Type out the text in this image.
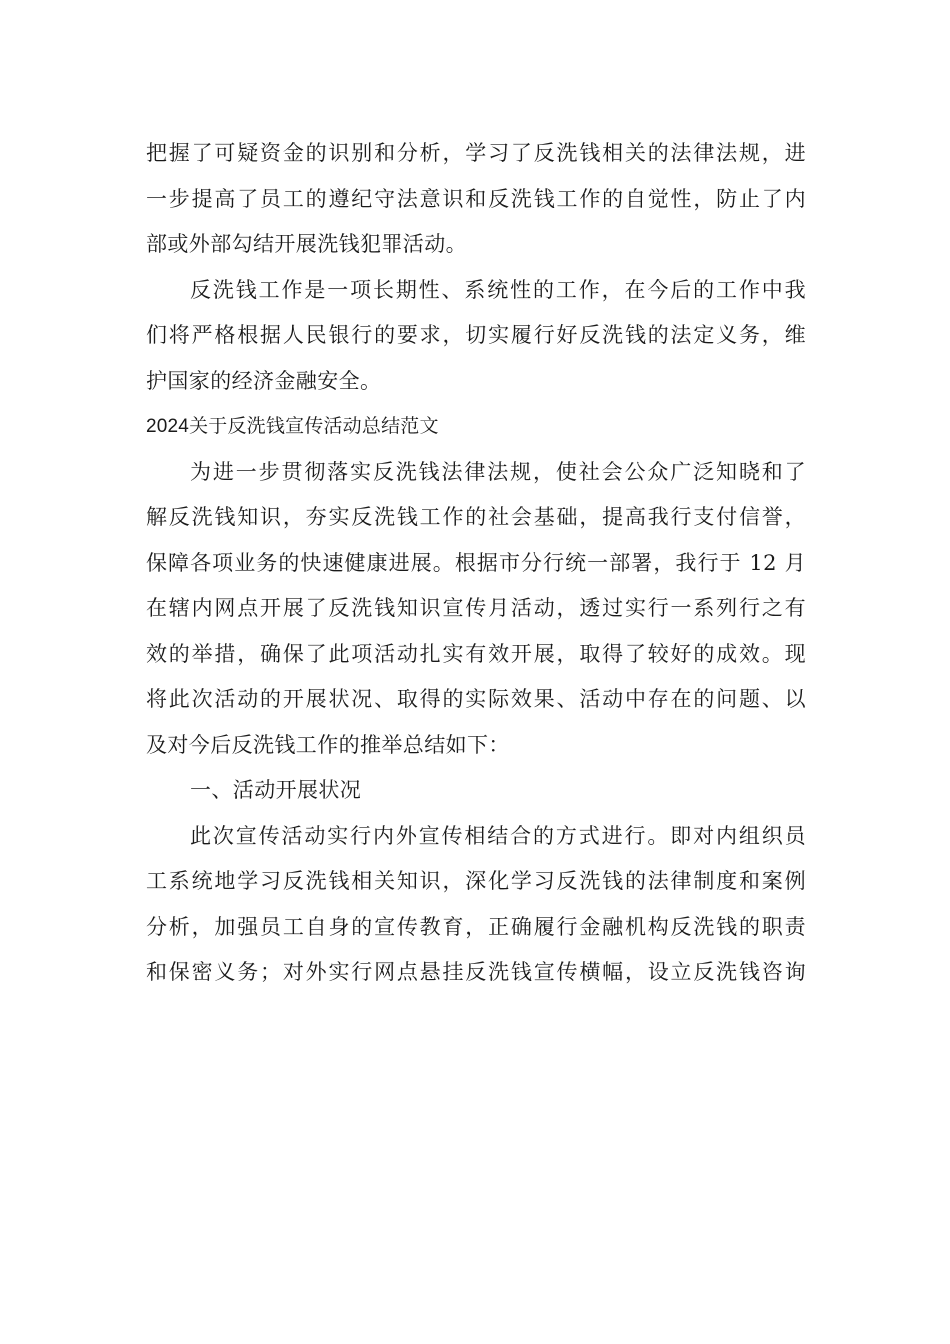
把握了可疑资金的识别和分析，学习了反洗钱相关的法律法规，进
一步提高了员工的遵纪守法意识和反洗钱工作的自觉性，防止了内
部或外部勾结开展洗钱犯罪活动。
反洗钱工作是一项长期性、系统性的工作，在今后的工作中我
们将严格根据人民银行的要求，切实履行好反洗钱的法定义务，维
护国家的经济金融安全。
2024关于反洗钱宣传活动总结范文
为进一步贯彻落实反洗钱法律法规，使社会公众广泛知晓和了
解反洗钱知识，夯实反洗钱工作的社会基础，提高我行支付信誉，
保障各项业务的快速健康进展。根据市分行统一部署，我行于 12 月
在辖内网点开展了反洗钱知识宣传月活动，透过实行一系列行之有
效的举措，确保了此项活动扎实有效开展，取得了较好的成效。现
将此次活动的开展状况、取得的实际效果、活动中存在的问题、以
及对今后反洗钱工作的推举总结如下：
一、活动开展状况
此次宣传活动实行内外宣传相结合的方式进行。即对内组织员
工系统地学习反洗钱相关知识，深化学习反洗钱的法律制度和案例
分析，加强员工自身的宣传教育，正确履行金融机构反洗钱的职责
和保密义务；对外实行网点悬挂反洗钱宣传横幅，设立反洗钱咨询
